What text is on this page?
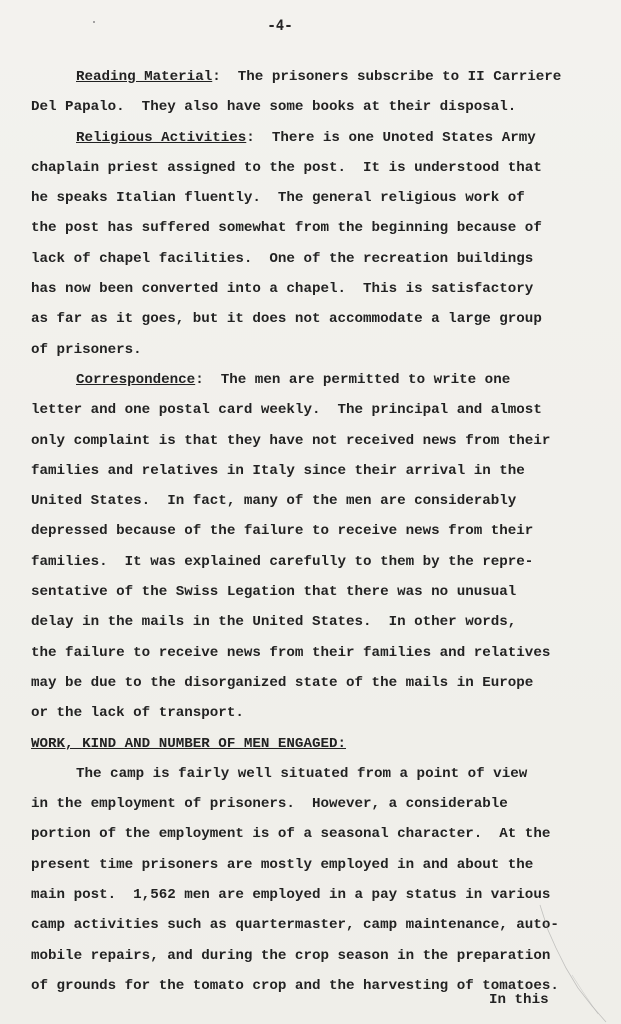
-4-
Reading Material:  The prisoners subscribe to II Carriere
Del Papalo.  They also have some books at their disposal.
Religious Activities:  There is one Unoted States Army
chaplain priest assigned to the post.  It is understood that
he speaks Italian fluently.  The general religious work of
the post has suffered somewhat from the beginning because of
lack of chapel facilities.  One of the recreation buildings
has now been converted into a chapel.  This is satisfactory
as far as it goes, but it does not accommodate a large group
of prisoners.
Correspondence:  The men are permitted to write one
letter and one postal card weekly.  The principal and almost
only complaint is that they have not received news from their
families and relatives in Italy since their arrival in the
United States.  In fact, many of the men are considerably
depressed because of the failure to receive news from their
families.  It was explained carefully to them by the repre-
sentative of the Swiss Legation that there was no unusual
delay in the mails in the United States.  In other words,
the failure to receive news from their families and relatives
may be due to the disorganized state of the mails in Europe
or the lack of transport.
WORK, KIND AND NUMBER OF MEN ENGAGED:
The camp is fairly well situated from a point of view
in the employment of prisoners.  However, a considerable
portion of the employment is of a seasonal character.  At the
present time prisoners are mostly employed in and about the
main post.  1,562 men are employed in a pay status in various
camp activities such as quartermaster, camp maintenance, auto-
mobile repairs, and during the crop season in the preparation
of grounds for the tomato crop and the harvesting of tomatoes.
In this
